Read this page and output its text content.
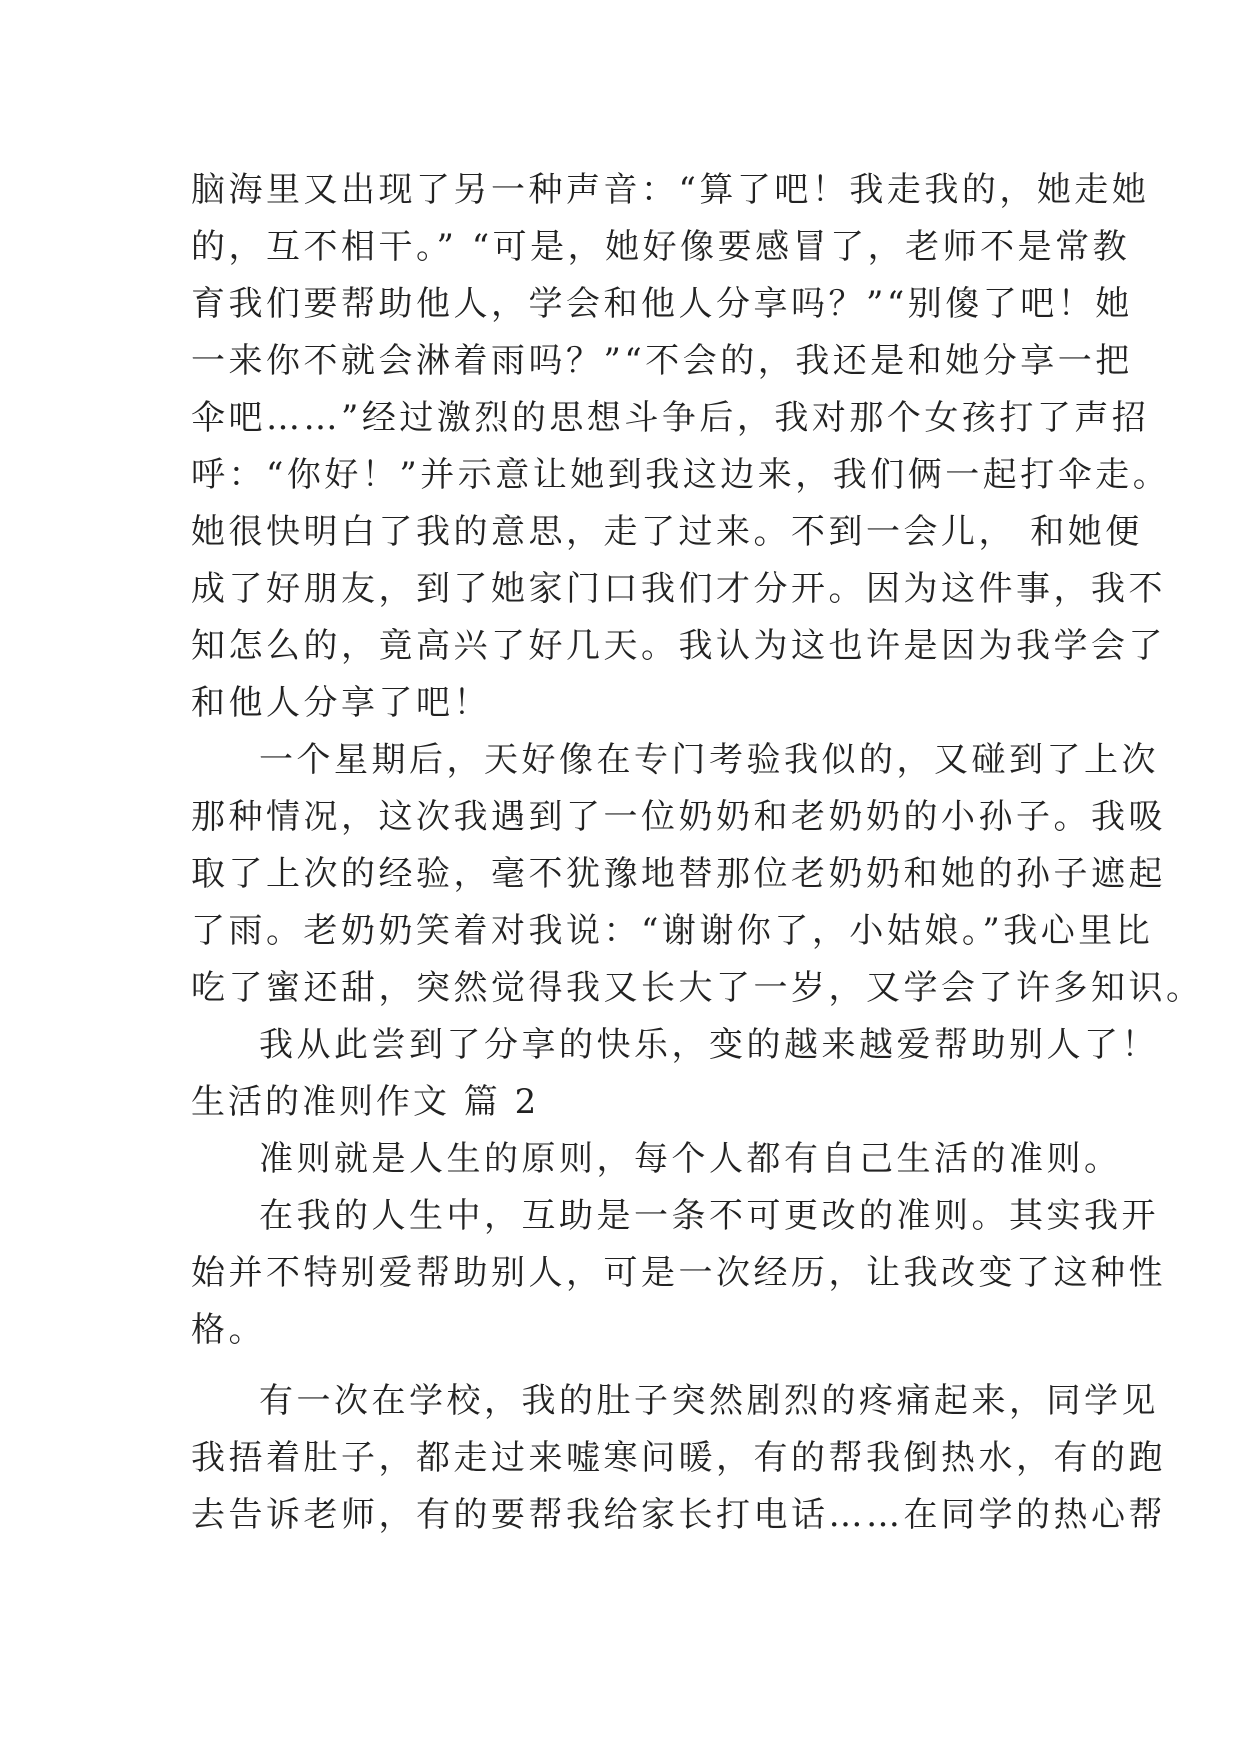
脑海里又出现了另一种声音：“算了吧！我走我的，她走她
的，互不相干。” “可是，她好像要感冒了，老师不是常教
育我们要帮助他人，学会和他人分享吗？”“别傻了吧！她
一来你不就会淋着雨吗？”“不会的，我还是和她分享一把
伞吧……”经过激烈的思想斗争后，我对那个女孩打了声招
呼：“你好！”并示意让她到我这边来，我们俩一起打伞走。
她很快明白了我的意思，走了过来。不到一会儿， 和她便
成了好朋友，到了她家门口我们才分开。因为这件事，我不
知怎么的，竟高兴了好几天。我认为这也许是因为我学会了
和他人分享了吧！
一个星期后，天好像在专门考验我似的，又碰到了上次
那种情况，这次我遇到了一位奶奶和老奶奶的小孙子。我吸
取了上次的经验，毫不犹豫地替那位老奶奶和她的孙子遮起
了雨。老奶奶笑着对我说：“谢谢你了，小姑娘。”我心里比
吃了蜜还甜，突然觉得我又长大了一岁，又学会了许多知识。
我从此尝到了分享的快乐，变的越来越爱帮助别人了！
生活的准则作文 篇 2
准则就是人生的原则，每个人都有自己生活的准则。
在我的人生中，互助是一条不可更改的准则。其实我开
始并不特别爱帮助别人，可是一次经历，让我改变了这种性
格。
有一次在学校，我的肚子突然剧烈的疼痛起来，同学见
我捂着肚子，都走过来嘘寒问暖，有的帮我倒热水，有的跑
去告诉老师，有的要帮我给家长打电话……在同学的热心帮
